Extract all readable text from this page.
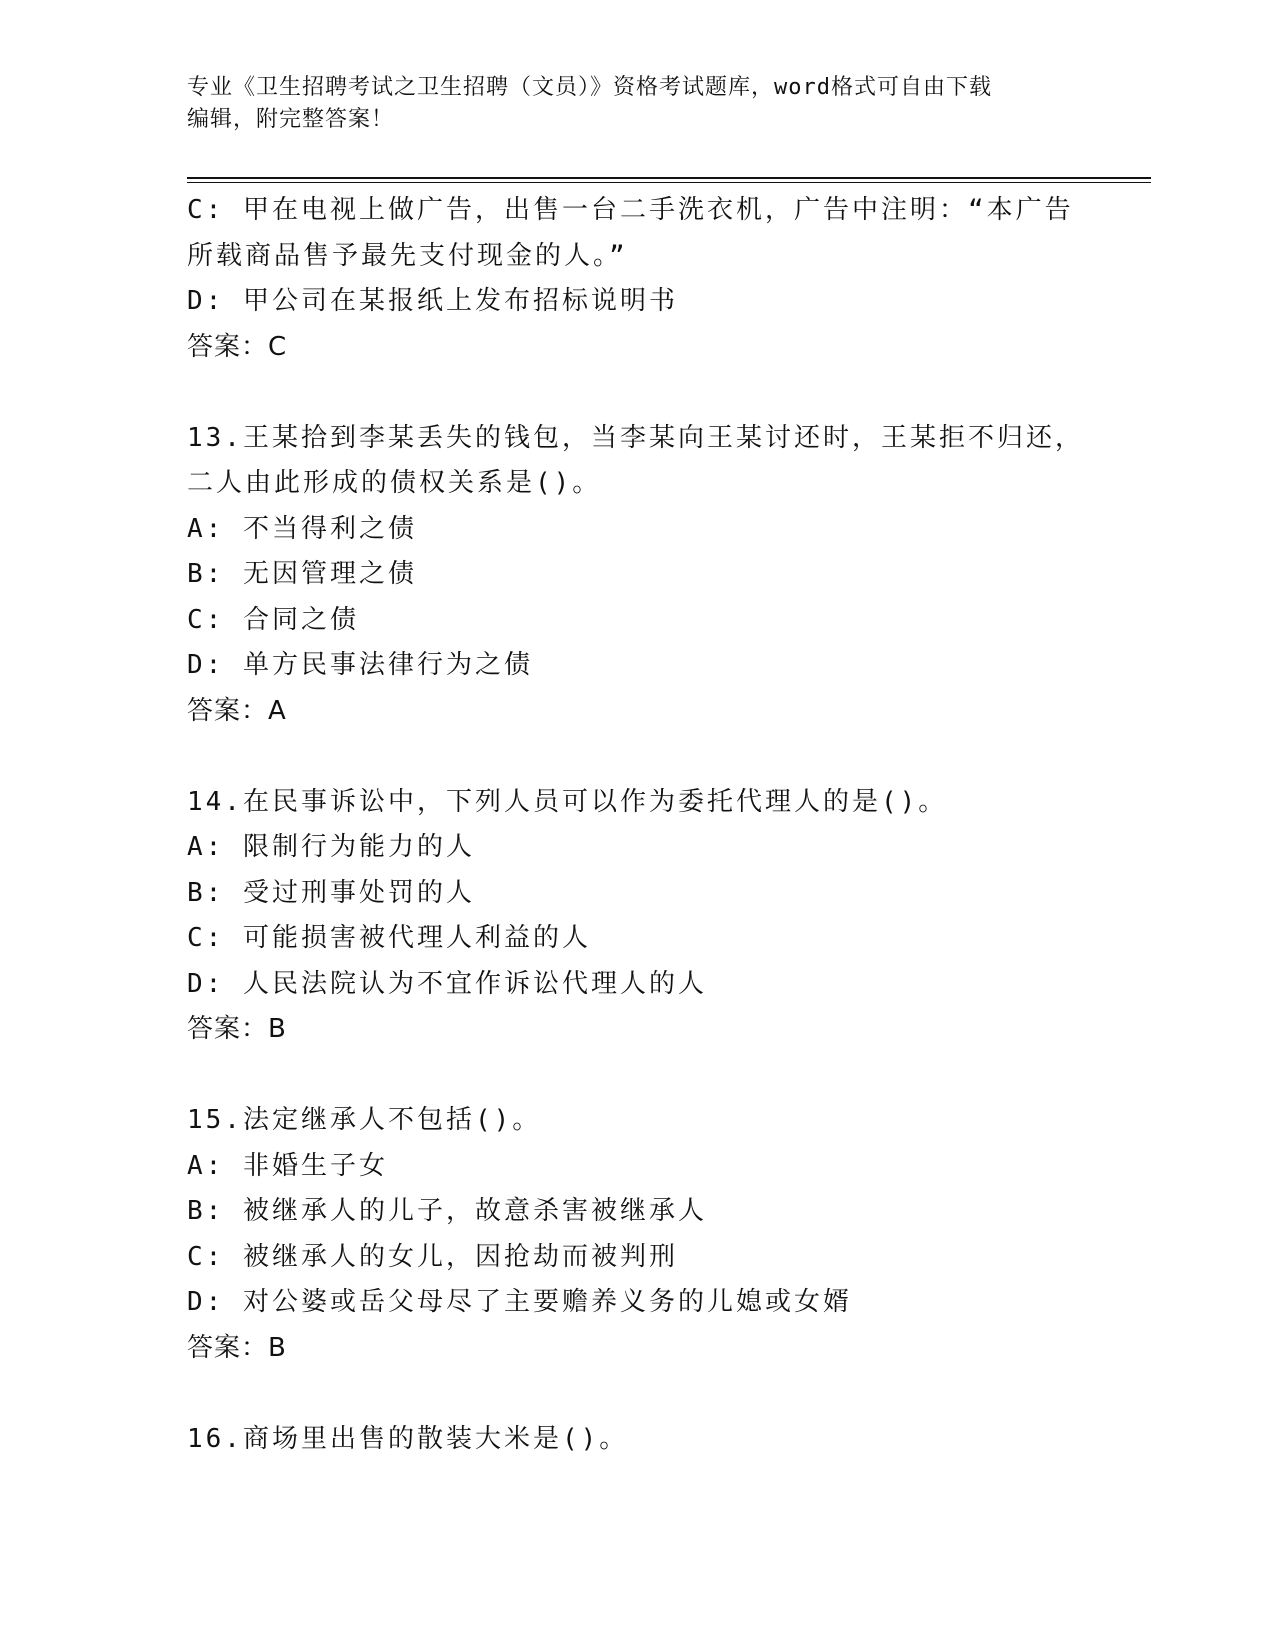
专业《卫生招聘考试之卫生招聘（文员）》资格考试题库，word格式可自由下载
编辑，附完整答案！
C: 甲在电视上做广告，出售一台二手洗衣机，广告中注明：“本广告
所载商品售予最先支付现金的人。”
D: 甲公司在某报纸上发布招标说明书
答案：C
13.王某拾到李某丢失的钱包，当李某向王某讨还时，王某拒不归还，
二人由此形成的债权关系是()。
A: 不当得利之债
B: 无因管理之债
C: 合同之债
D: 单方民事法律行为之债
答案：A
14.在民事诉讼中，下列人员可以作为委托代理人的是()。
A: 限制行为能力的人
B: 受过刑事处罚的人
C: 可能损害被代理人利益的人
D: 人民法院认为不宜作诉讼代理人的人
答案：B
15.法定继承人不包括()。
A: 非婚生子女
B: 被继承人的儿子，故意杀害被继承人
C: 被继承人的女儿，因抢劫而被判刑
D: 对公婆或岳父母尽了主要赡养义务的儿媳或女婿
答案：B
16.商场里出售的散装大米是()。
